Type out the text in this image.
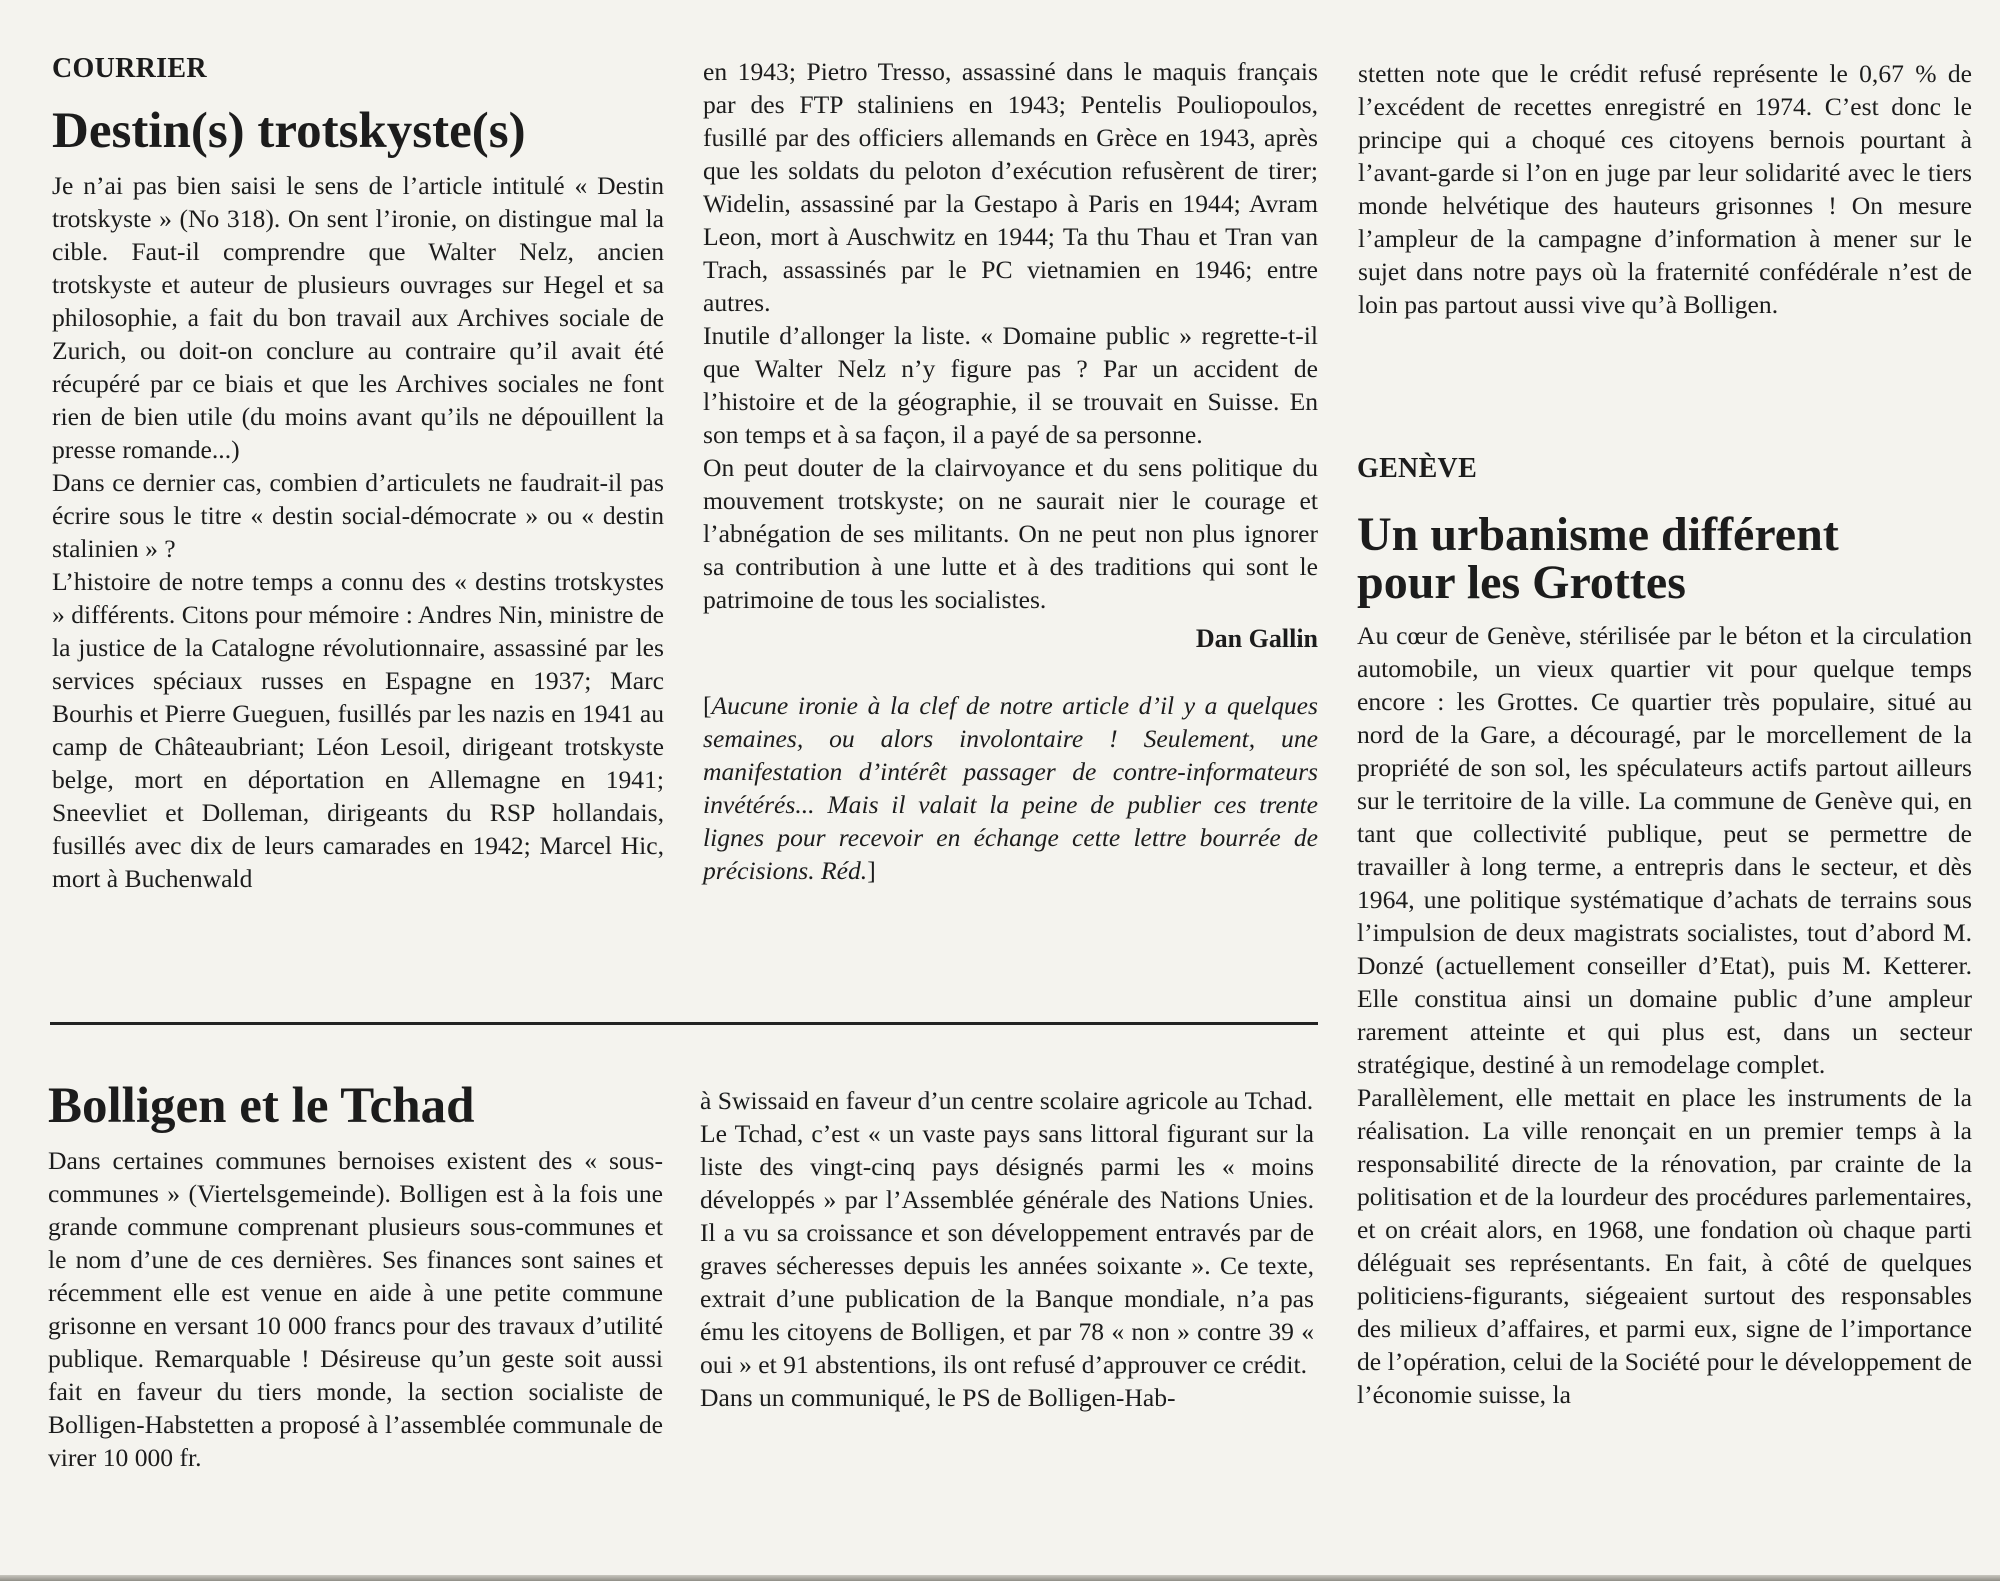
COURRIER
Destin(s) trotskyste(s)

Je n’ai pas bien saisi le sens de l’article intitulé « Destin trotskyste » (No 318). On sent l’ironie, on distingue mal la cible. Faut-il comprendre que Walter Nelz, ancien trotskyste et auteur de plusieurs ouvrages sur Hegel et sa philosophie, a fait du bon travail aux Archives sociale de Zurich, ou doit-on conclure au contraire qu’il avait été récupéré par ce biais et que les Archives sociales ne font rien de bien utile (du moins avant qu’ils ne dépouillent la presse romande...)

Dans ce dernier cas, combien d’articulets ne faudrait-il pas écrire sous le titre « destin social-démocrate » ou « destin stalinien » ?

L’histoire de notre temps a connu des « destins trotskystes » différents. Citons pour mémoire : Andres Nin, ministre de la justice de la Catalogne révolutionnaire, assassiné par les services spéciaux russes en Espagne en 1937; Marc Bourhis et Pierre Gueguen, fusillés par les nazis en 1941 au camp de Châteaubriant; Léon Lesoil, dirigeant trotskyste belge, mort en déportation en Allemagne en 1941; Sneevliet et Dolleman, dirigeants du RSP hollandais, fusillés avec dix de leurs camarades en 1942; Marcel Hic, mort à Buchenwald

en 1943; Pietro Tresso, assassiné dans le maquis français par des FTP staliniens en 1943; Pentelis Pouliopoulos, fusillé par des officiers allemands en Grèce en 1943, après que les soldats du peloton d’exécution refusèrent de tirer; Widelin, assassiné par la Gestapo à Paris en 1944; Avram Leon, mort à Auschwitz en 1944; Ta thu Thau et Tran van Trach, assassinés par le PC vietnamien en 1946; entre autres.

Inutile d’allonger la liste. « Domaine public » regrette-t-il que Walter Nelz n’y figure pas ? Par un accident de l’histoire et de la géographie, il se trouvait en Suisse. En son temps et à sa façon, il a payé de sa personne.

On peut douter de la clairvoyance et du sens politique du mouvement trotskyste; on ne saurait nier le courage et l’abnégation de ses militants. On ne peut non plus ignorer sa contribution à une lutte et à des traditions qui sont le patrimoine de tous les socialistes.

Dan Gallin

[Aucune ironie à la clef de notre article d’il y a quelques semaines, ou alors involontaire ! Seulement, une manifestation d’intérêt passager de contre-informateurs invétérés... Mais il valait la peine de publier ces trente lignes pour recevoir en échange cette lettre bourrée de précisions. Réd.]

Bolligen et le Tchad

Dans certaines communes bernoises existent des « sous-communes » (Viertelsgemeinde). Bolligen est à la fois une grande commune comprenant plusieurs sous-communes et le nom d’une de ces dernières. Ses finances sont saines et récemment elle est venue en aide à une petite commune grisonne en versant 10 000 francs pour des travaux d’utilité publique. Remarquable ! Désireuse qu’un geste soit aussi fait en faveur du tiers monde, la section socialiste de Bolligen-Habstetten a proposé à l’assemblée communale de virer 10 000 fr.

à Swissaid en faveur d’un centre scolaire agricole au Tchad.

Le Tchad, c’est « un vaste pays sans littoral figurant sur la liste des vingt-cinq pays désignés parmi les « moins développés » par l’Assemblée générale des Nations Unies. Il a vu sa croissance et son développement entravés par de graves sécheresses depuis les années soixante ». Ce texte, extrait d’une publication de la Banque mondiale, n’a pas ému les citoyens de Bolligen, et par 78 « non » contre 39 « oui » et 91 abstentions, ils ont refusé d’approuver ce crédit.

Dans un communiqué, le PS de Bolligen-Hab-

stetten note que le crédit refusé représente le 0,67 % de l’excédent de recettes enregistré en 1974. C’est donc le principe qui a choqué ces citoyens bernois pourtant à l’avant-garde si l’on en juge par leur solidarité avec le tiers monde helvétique des hauteurs grisonnes ! On mesure l’ampleur de la campagne d’information à mener sur le sujet dans notre pays où la fraternité confédérale n’est de loin pas partout aussi vive qu’à Bolligen.

GENÈVE
Un urbanisme différent
pour les Grottes

Au cœur de Genève, stérilisée par le béton et la circulation automobile, un vieux quartier vit pour quelque temps encore : les Grottes. Ce quartier très populaire, situé au nord de la Gare, a découragé, par le morcellement de la propriété de son sol, les spéculateurs actifs partout ailleurs sur le territoire de la ville. La commune de Genève qui, en tant que collectivité publique, peut se permettre de travailler à long terme, a entrepris dans le secteur, et dès 1964, une politique systématique d’achats de terrains sous l’impulsion de deux magistrats socialistes, tout d’abord M. Donzé (actuellement conseiller d’Etat), puis M. Ketterer. Elle constitua ainsi un domaine public d’une ampleur rarement atteinte et qui plus est, dans un secteur stratégique, destiné à un remodelage complet.

Parallèlement, elle mettait en place les instruments de la réalisation. La ville renonçait en un premier temps à la responsabilité directe de la rénovation, par crainte de la politisation et de la lourdeur des procédures parlementaires, et on créait alors, en 1968, une fondation où chaque parti déléguait ses représentants. En fait, à côté de quelques politiciens-figurants, siégeaient surtout des responsables des milieux d’affaires, et parmi eux, signe de l’importance de l’opération, celui de la Société pour le développement de l’économie suisse, la
